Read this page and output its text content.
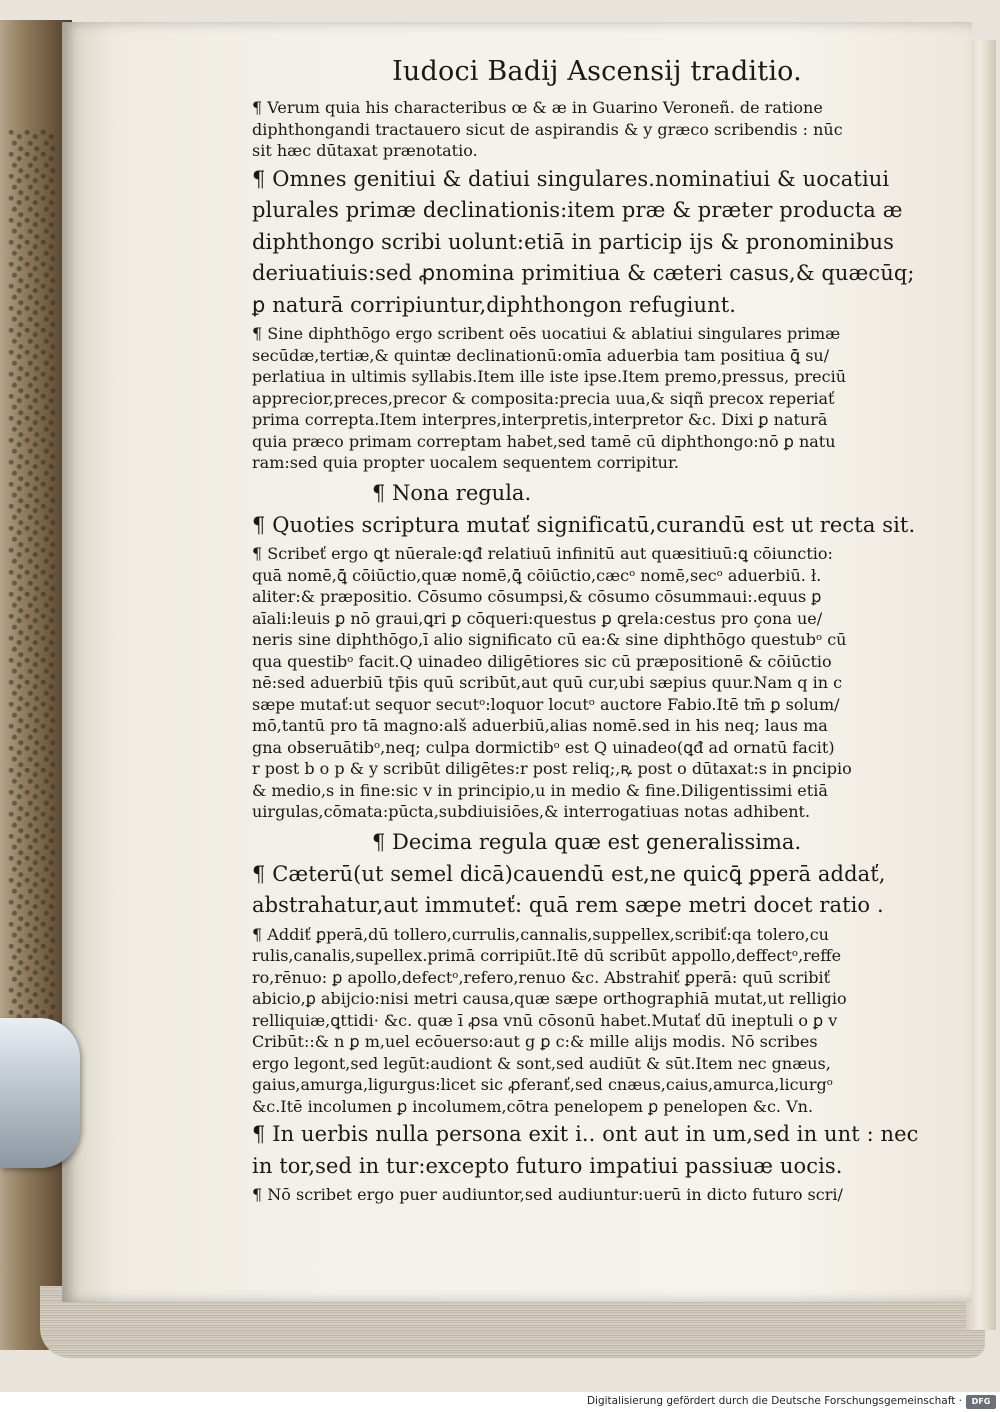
Iudoci Badij Ascensij traditio.
¶ Verum quia his characteribus œ & æ in Guarino Veroneñ. de ratione
diphthongandi tractauero sicut de aspirandis & y græco scribendis : nūc
sit hæc dūtaxat prænotatio.
¶ Omnes genitiui & datiui singulares.nominatiui & uocatiui
plurales primæ declinationis:item præ & præter producta æ
diphthongo scribi uolunt:etiā in particip ijs & pronominibus
deriuatiuis:sed ꝓnomina primitiua & cæteri casus,& quæcūq;
ꝑ naturā corripiuntur,diphthongon refugiunt.
¶ Sine diphthōgo ergo scribent oēs uocatiui & ablatiui singulares primæ
secūdæ,tertiæ,& quintæ declinationū:omīa aduerbia tam positiua ꝗ̄ su/
perlatiua in ultimis syllabis.Item ille iste ipse.Item premo,pressus, preciū
apprecior,preces,precor & composita:precia uua,& siqñ precox reperiať
prima correpta.Item interpres,interpretis,interpretor &c. Dixi ꝑ naturā
quia præco primam correptam habet,sed tamē cū diphthongo:nō ꝑ natu
ram:sed quia propter uocalem sequentem corripitur.
¶ Nona regula.
¶ Quoties scriptura mutať significatū,curandū est ut recta sit.
¶ Scribeť ergo ꝗt nūerale:ꝗđ relatiuū infinitū aut quæsitiuū:ꝗ cōiunctio:
quā nomē,ꝗ̄ cōiūctio,quæ nomē,ꝗ̄ cōiūctio,cæcᵒ nomē,secᵒ aduerbiū. ł.
aliter:& præpositio. Cōsumo cōsumpsi,& cōsumo cōsummaui:.equus ꝑ
aīali:leuis ꝑ nō graui,ꝗri ꝑ cōqueri:questus ꝑ ꝗrela:cestus pro çona ue/
neris sine diphthōgo,ī alio significato cū ea:& sine diphthōgo questubᵒ cū
qua questibᵒ facit.Q uinadeo diligētiores sic cū præpositionē & cōiūctio
nē:sed aduerbiū tp̄is quū scribūt,aut quū cur,ubi sæpius quur.Nam q in c
sæpe mutať:ut sequor secutᵒ:loquor locutᵒ auctore Fabio.Itē tm̄ ꝑ solum/
mō,tantū pro tā magno:alš aduerbiū,alias nomē.sed in his neq; laus ma
gna obseruātibᵒ,neq; culpa dormictibᵒ est Q uinadeo(ꝗđ ad ornatū facit)
r post b o p & y scribūt diligētes:r post reliq;,ꝶ post o dūtaxat:s in ꝑncipio
& medio,s in fine:sic v in principio,u in medio & fine.Diligentissimi etiā
uirgulas,cōmata:pūcta,subdiuisiōes,& interrogatiuas notas adhibent.
¶ Decima regula quæ est generalissima.
¶ Cæterū(ut semel dicā)cauendū est,ne quicꝗ̄ ꝑperā addať,
abstrahatur,aut immuteť: quā rem sæpe metri docet ratio .
¶ Addiť ꝑperā,dū tollero,currulis,cannalis,suppellex,scribiť:qa tolero,cu
rulis,canalis,supellex.primā corripiūt.Itē dū scribūt appollo,deffectᵒ,reffe
ro,rēnuo: ꝑ apollo,defectᵒ,refero,renuo &c. Abstrahiť ꝑperā: quū scribiť
abicio,ꝑ abijcio:nisi metri causa,quæ sæpe orthographiā mutat,ut relligio
relliquiæ,ꝗttidi· &c. quæ ī ꝓsa vnū cōsonū habet.Mutať dū ineptuli o ꝑ v
Cribūt::& n ꝑ m,uel ecōuerso:aut g ꝑ c:& mille alijs modis. Nō scribes
ergo legont,sed legūt:audiont & sont,sed audiūt & sūt.Item nec gnæus,
gaius,amurga,ligurgus:licet sic ꝓferanť,sed cnæus,caius,amurca,licurgᵒ
&c.Itē incolumen ꝑ incolumem,cōtra penelopem ꝑ penelopen &c. Vn.
¶ In uerbis nulla persona exit i.. ont aut in um,sed in unt : nec
in tor,sed in tur:excepto futuro impatiui passiuæ uocis.
¶ Nō scribet ergo puer audiuntor,sed audiuntur:uerū in dicto futuro scri/
Digitalisierung gefördert durch die Deutsche Forschungsgemeinschaft ·	DFG
